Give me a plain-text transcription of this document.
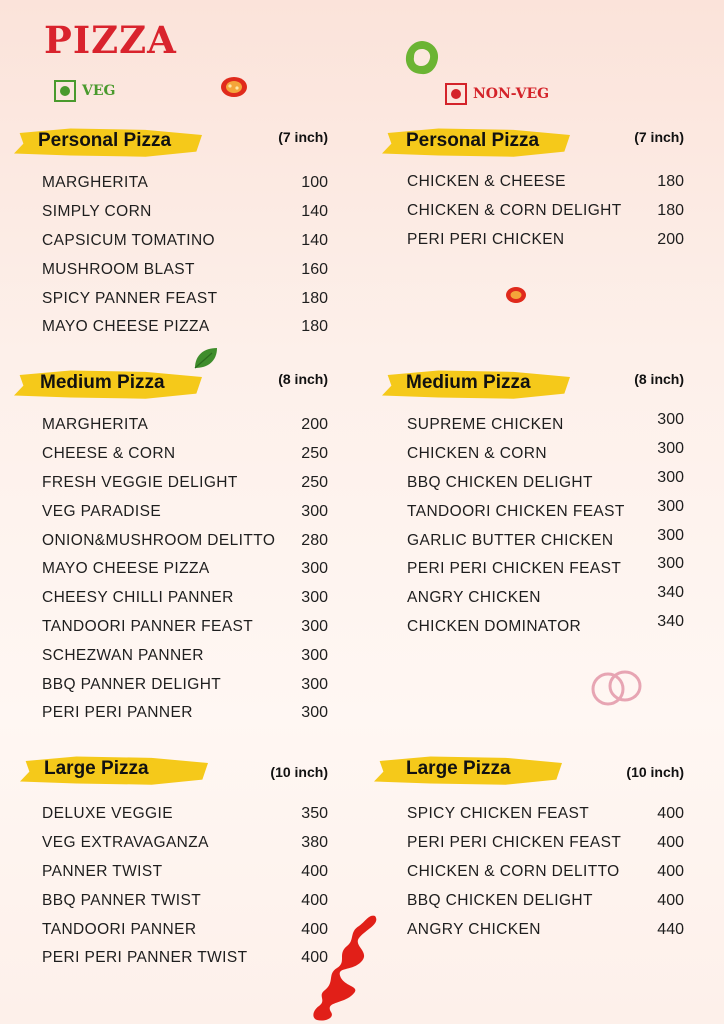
PIZZA
VEG	NON-VEG
Personal Pizza	(7 inch)
MARGHERITA	100
SIMPLY CORN	140
CAPSICUM TOMATINO	140
MUSHROOM BLAST	160
SPICY PANNER FEAST	180
MAYO CHEESE PIZZA	180
Medium Pizza	(8 inch)
MARGHERITA	200
CHEESE & CORN	250
FRESH VEGGIE DELIGHT	250
VEG PARADISE	300
ONION&MUSHROOM DELITTO 280
MAYO CHEESE PIZZA	300
CHEESY CHILLI PANNER	300
TANDOORI PANNER FEAST	300
SCHEZWAN PANNER	300
BBQ PANNER DELIGHT	300
PERI PERI PANNER	300
Large Pizza	(10 inch)
DELUXE VEGGIE	350
VEG EXTRAVAGANZA	380
PANNER TWIST	400
BBQ PANNER TWIST	400
TANDOORI PANNER	400
PERI PERI PANNER TWIST	400
Personal Pizza	(7 inch)
CHICKEN & CHEESE	180
CHICKEN & CORN DELIGHT 180
PERI PERI CHICKEN	200
Medium Pizza	(8 inch)
SUPREME CHICKEN	300
CHICKEN & CORN	300
BBQ CHICKEN DELIGHT	300
TANDOORI CHICKEN FEAST 300
GARLIC BUTTER CHICKEN	300
PERI PERI CHICKEN FEAST 300
ANGRY CHICKEN	340
CHICKEN DOMINATOR	340
Large Pizza	(10 inch)
SPICY CHICKEN FEAST	400
PERI PERI CHICKEN FEAST 400
CHICKEN & CORN DELITTO 400
BBQ CHICKEN DELIGHT	400
ANGRY CHICKEN	440
